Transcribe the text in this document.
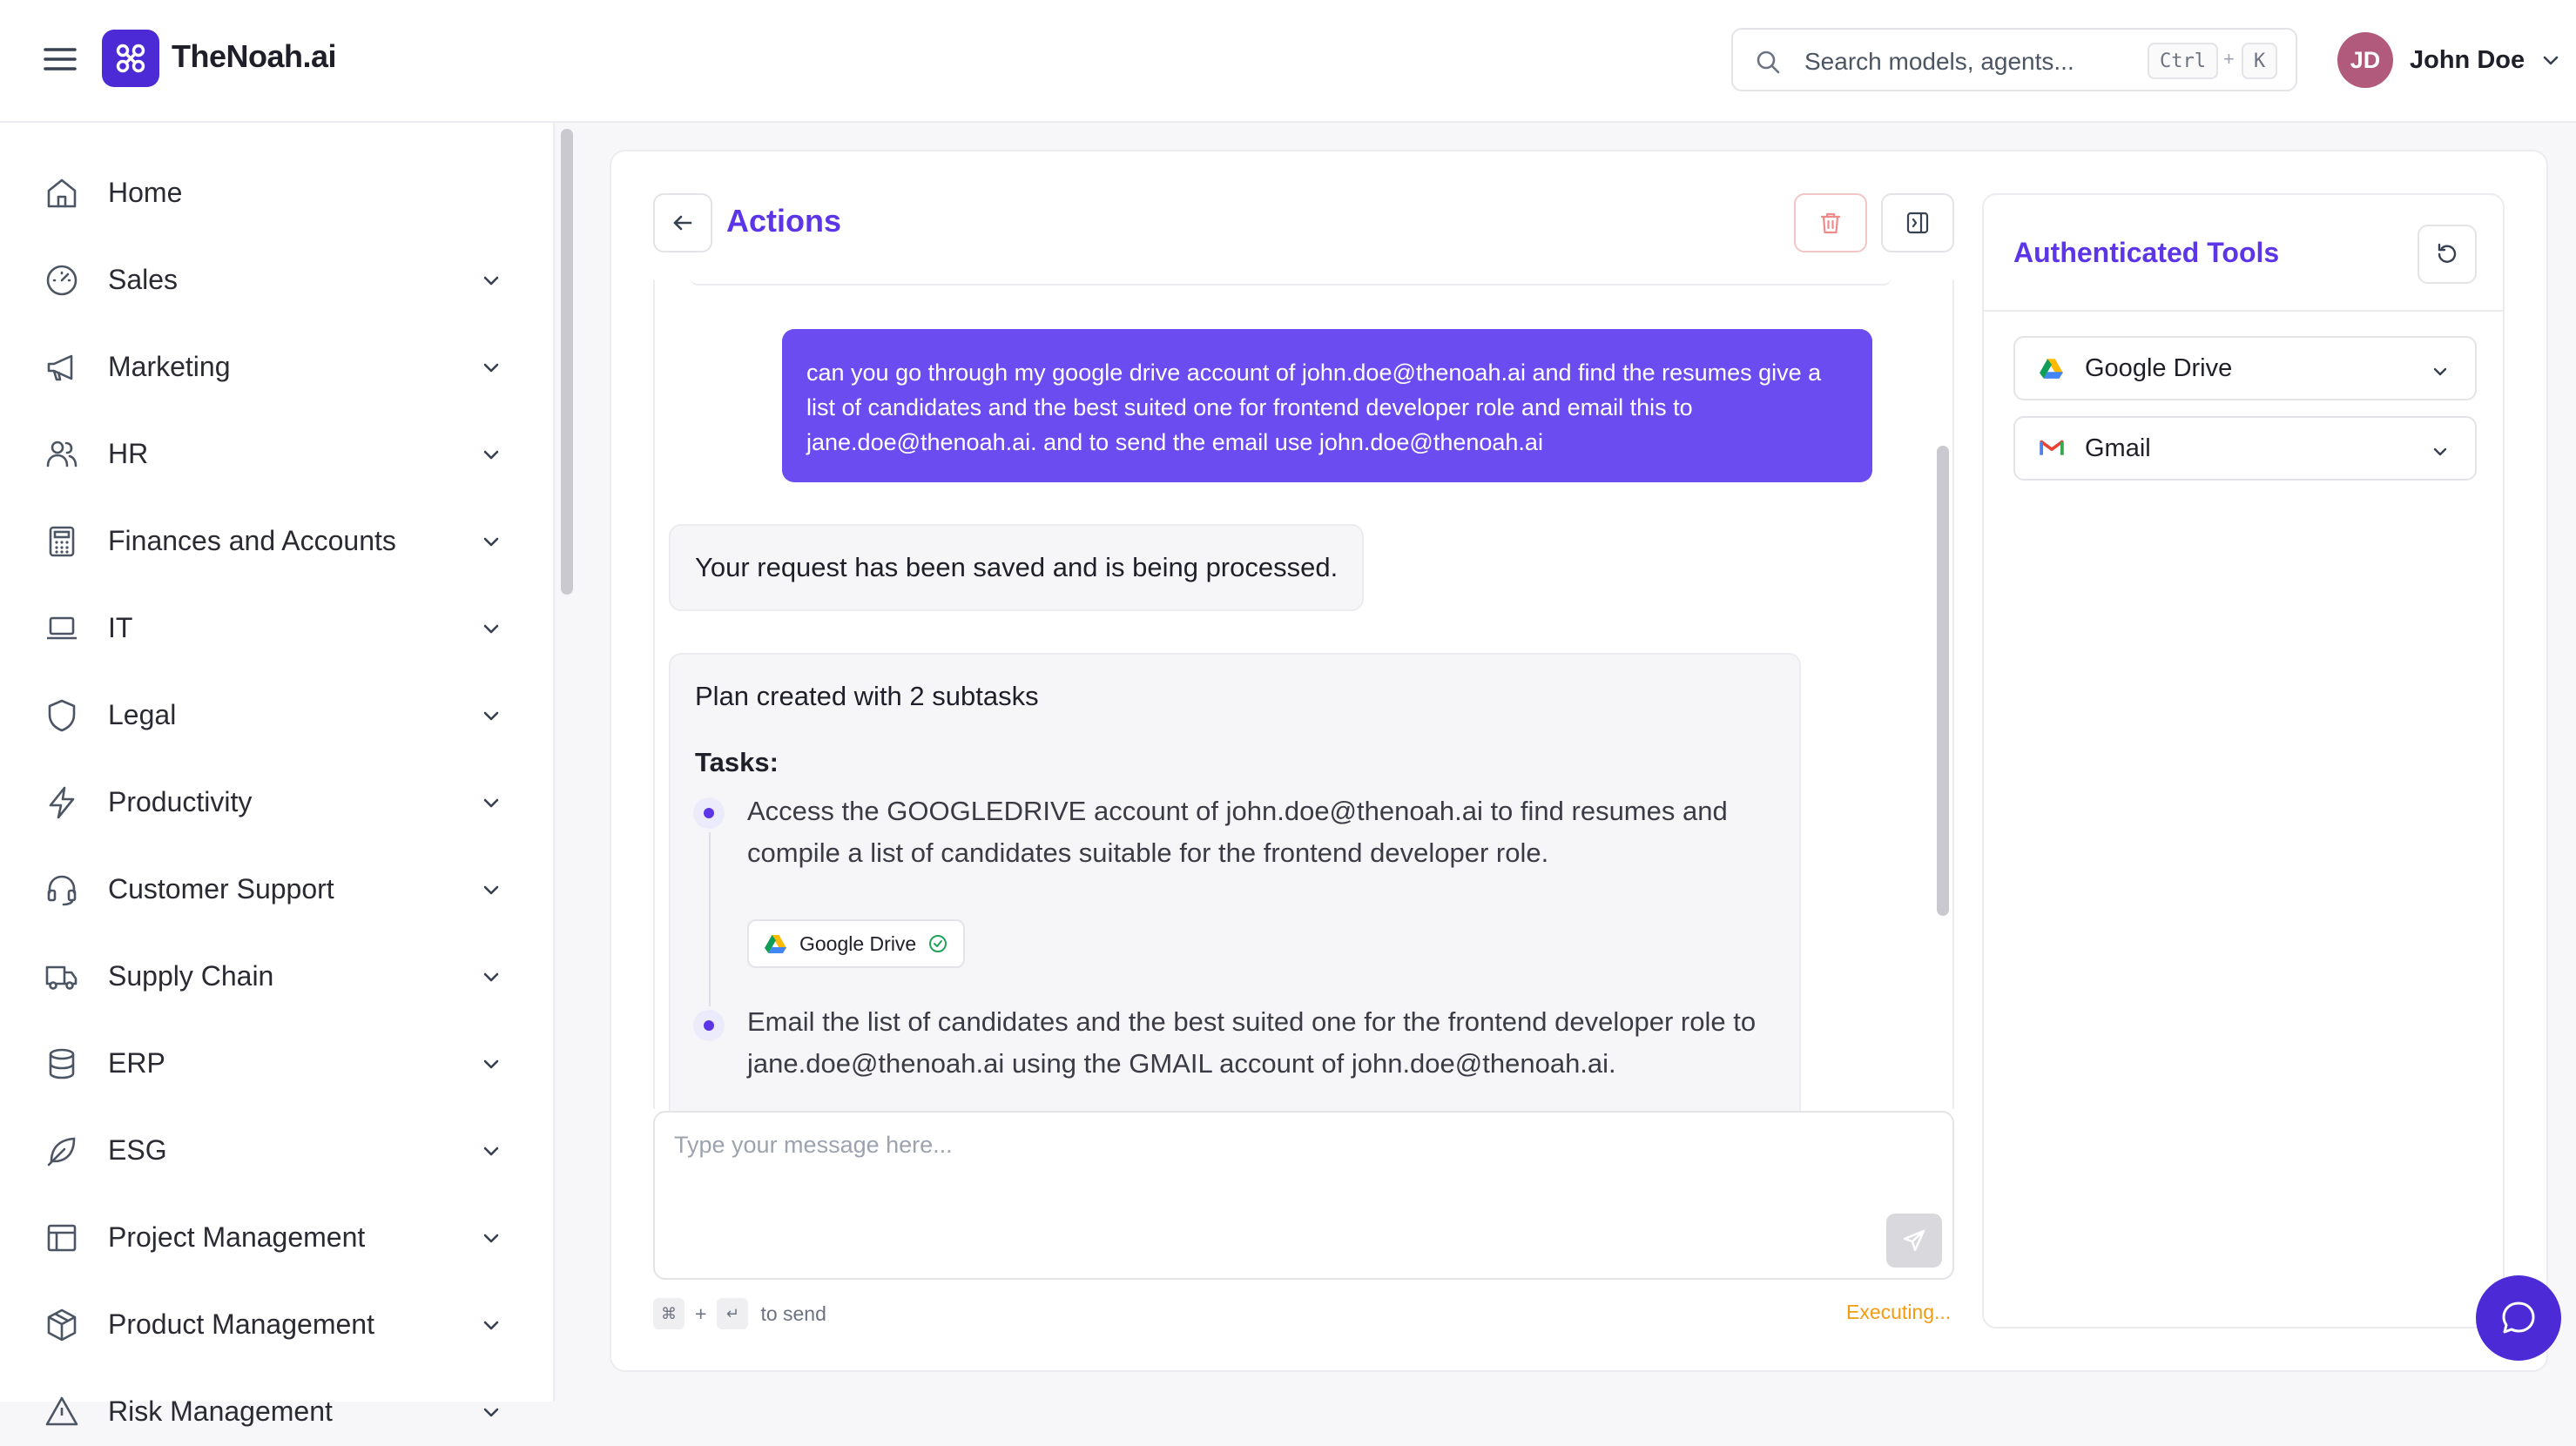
TheNoah.ai	Search models, agents...	Ctrl +	K	JD	John Doe
Home
Sales
Marketing
HR
Finances and Accounts
IT
Legal
Productivity
Customer Support
Supply Chain
ERP
ESG
Project Management
Product Management
Risk Management
Actions
can you go through my google drive account of john.doe@thenoah.ai and find the resumes give a list of candidates and the best suited one for frontend developer role and email this to jane.doe@thenoah.ai. and to send the email use john.doe@thenoah.ai
Your request has been saved and is being processed.
Plan created with 2 subtasks
Tasks:
Access the GOOGLEDRIVE account of john.doe@thenoah.ai to find resumes and compile a list of candidates suitable for the frontend developer role.
Google Drive
Email the list of candidates and the best suited one for the frontend developer role to jane.doe@thenoah.ai using the GMAIL account of john.doe@thenoah.ai.
Type your message here...
⌘ +	↵	to send	Executing...
Authenticated Tools
Google Drive
Gmail
